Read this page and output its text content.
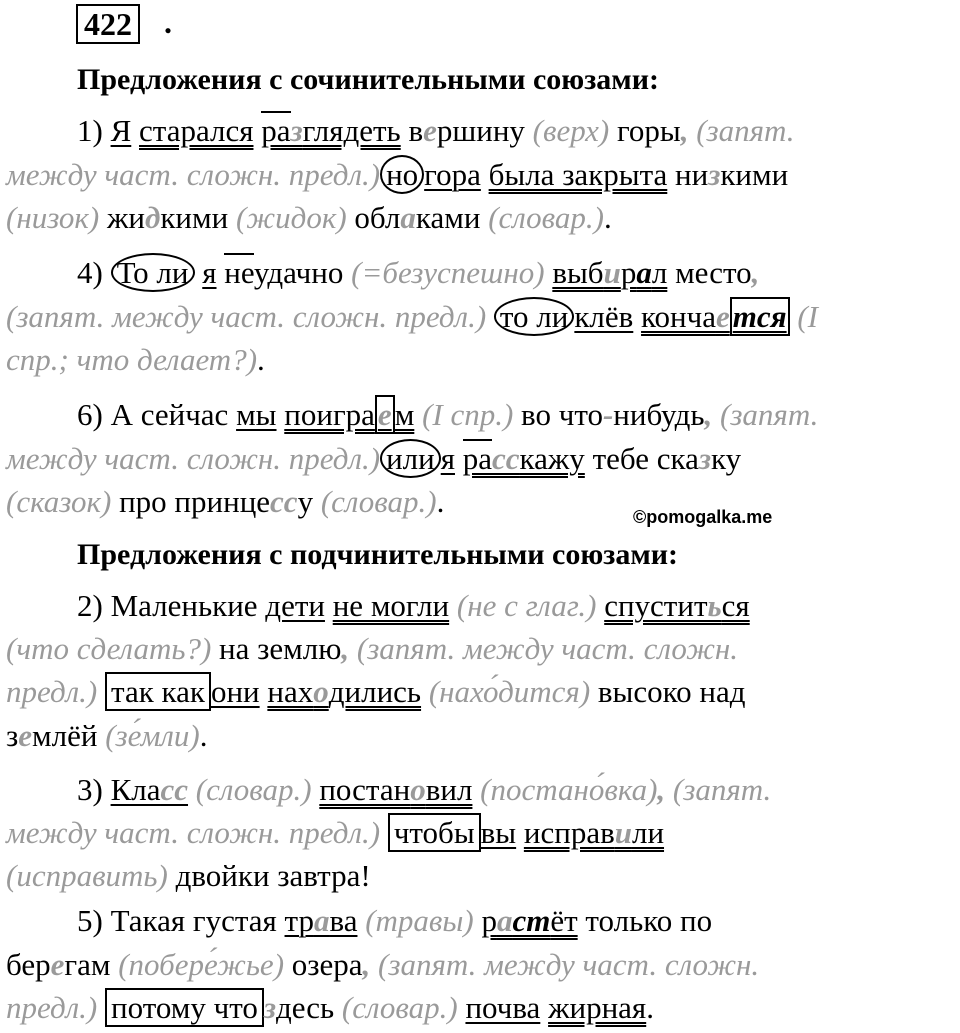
422 .
Предложения с сочинительными союзами:
1) Я старался разглядеть вершину (верх) горы, (запят.
между част. сложн. предл.) но гора была закрыта низкими
(низок) жидкими (жидок) облаками (словар.).
4) То ли я неудачно (=безуспешно) выбирал место,
(запят. между част. сложн. предл.) то ли клёв кончается (I
спр.; что делает?).
6) А сейчас мы поиграем (I спр.) во что-нибудь, (запят.
между част. сложн. предл.) или я расскажу тебе сказку
(сказок) про принцессу (словар.).	©pomogalka.me
Предложения с подчинительными союзами:
2) Маленькие дети не могли (не с глаг.) спуститься
(что сделать?) на землю, (запят. между част. сложн.
предл.) так как они находились (нахо́дится) высоко над
землёй (зе́мли).
3) Класс (словар.) постановил (постано́вка), (запят.
между част. сложн. предл.) чтобы вы исправили
(исправить) двойки завтра!
5) Такая густая трава (травы) растёт только по
берегам (побере́жье) озера, (запят. между част. сложн.
предл.) потому что здесь (словар.) почва жирная.
